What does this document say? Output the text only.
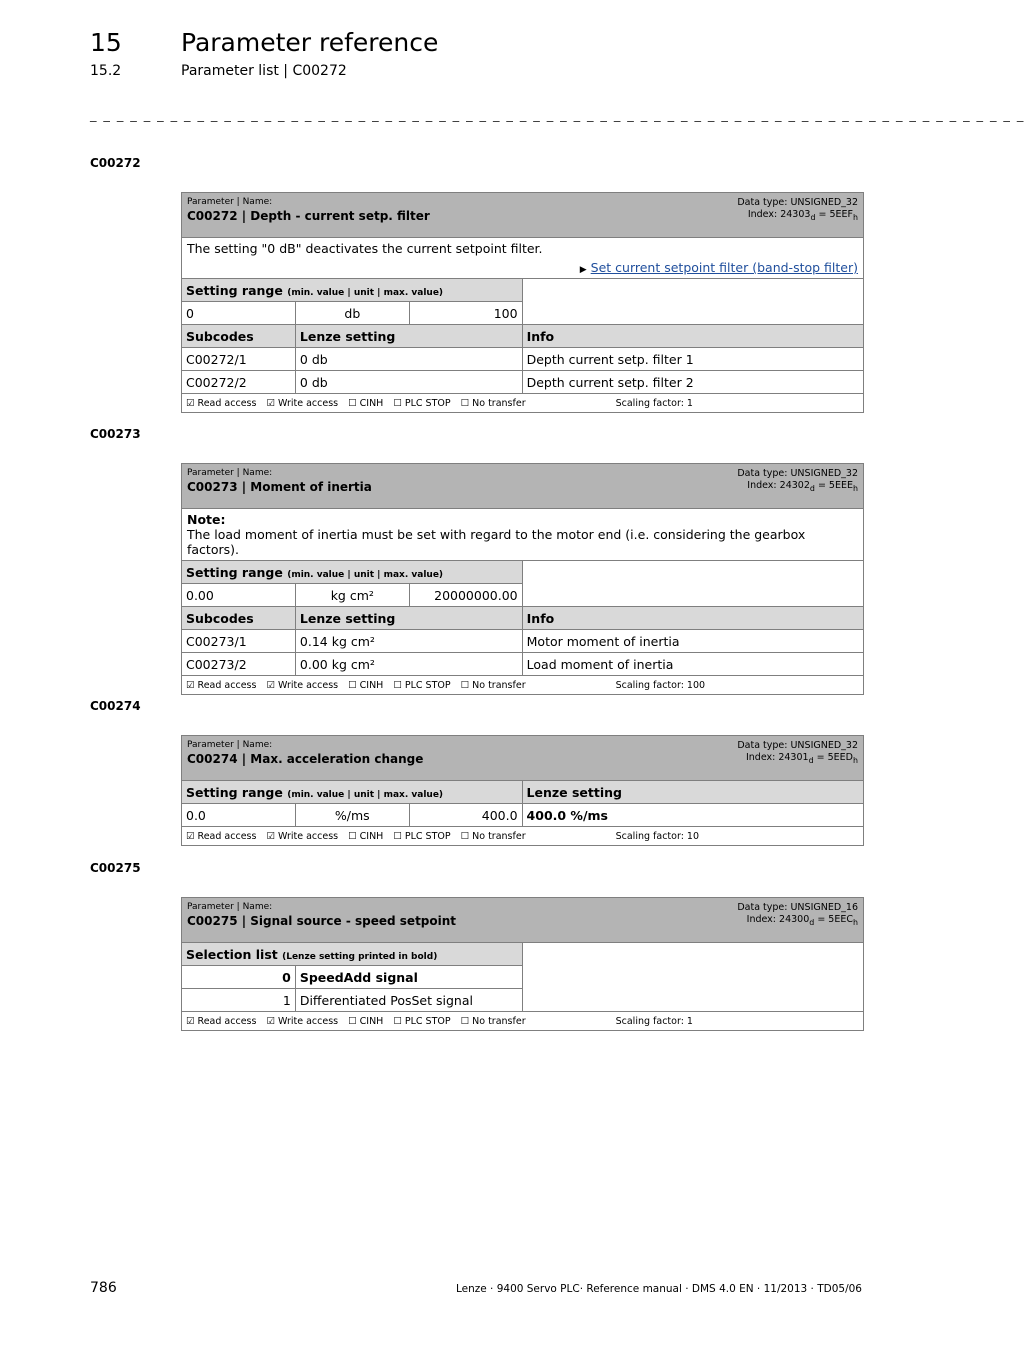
15 Parameter reference
15.2	Parameter list | C00272
_ _ _ _ _ _ _ _ _ _ _ _ _ _ _ _ _ _ _ _ _ _ _ _ _ _ _ _ _ _ _ _ _ _ _ _ _ _ _ _ _ _ _ _ _ _ _ _ _ _ _ _ _ _ _ _ _ _ _ _ _ _ _ _ _ _ _ _ _ _
C00272
Data type: UNSIGNED_32
Index: $24303_d = 5EEF_h$
Parameter | Name:
C00272 | Depth - current setp. filter			

The setting "0 dB" deactivates the current setpoint filter.
▶ Set current setpoint filter (band-stop filter)			

Setting range (min. value | unit | max. value)			
0	db	100	
Subcodes	Lenze setting		Info
C00272/1	0 db		Depth current setp. filter 1
C00272/2	0 db		Depth current setp. filter 2
☑ Read access ☑ Write access ☐ CINH ☐ PLC STOP ☐ No transfer Scaling factor: 1			
C00273
Data type: UNSIGNED_32
Index: $24302_d = 5EEE_h$
Parameter | Name:
C00273 | Moment of inertia			

Note:
The load moment of inertia must be set with regard to the motor end (i.e. considering the gearbox factors).			

Setting range (min. value | unit | max. value)			
0.00	kg cm²	20000000.00	
Subcodes	Lenze setting		Info
C00273/1	0.14 kg cm²		Motor moment of inertia
C00273/2	0.00 kg cm²		Load moment of inertia
☑ Read access ☑ Write access ☐ CINH ☐ PLC STOP ☐ No transfer Scaling factor: 100			
C00274
Data type: UNSIGNED_32
Index: $24301_d = 5EED_h$
Parameter | Name:
C00274 | Max. acceleration change			

Setting range (min. value | unit | max. value)			Lenze setting
0.0	%/ms	400.0	400.0 %/ms
☑ Read access ☑ Write access ☐ CINH ☐ PLC STOP ☐ No transfer Scaling factor: 10			
C00275
Data type: UNSIGNED_16
Index: $24300_d = 5EEC_h$
Parameter | Name:
C00275 | Signal source - speed setpoint		

Selection list (Lenze setting printed in bold)		
0	SpeedAdd signal	
1	Differentiated PosSet signal	
☑ Read access ☑ Write access ☐ CINH ☐ PLC STOP ☐ No transfer Scaling factor: 1		
786	Lenze · 9400 Servo PLC· Reference manual · DMS 4.0 EN · 11/2013 · TD05/06
